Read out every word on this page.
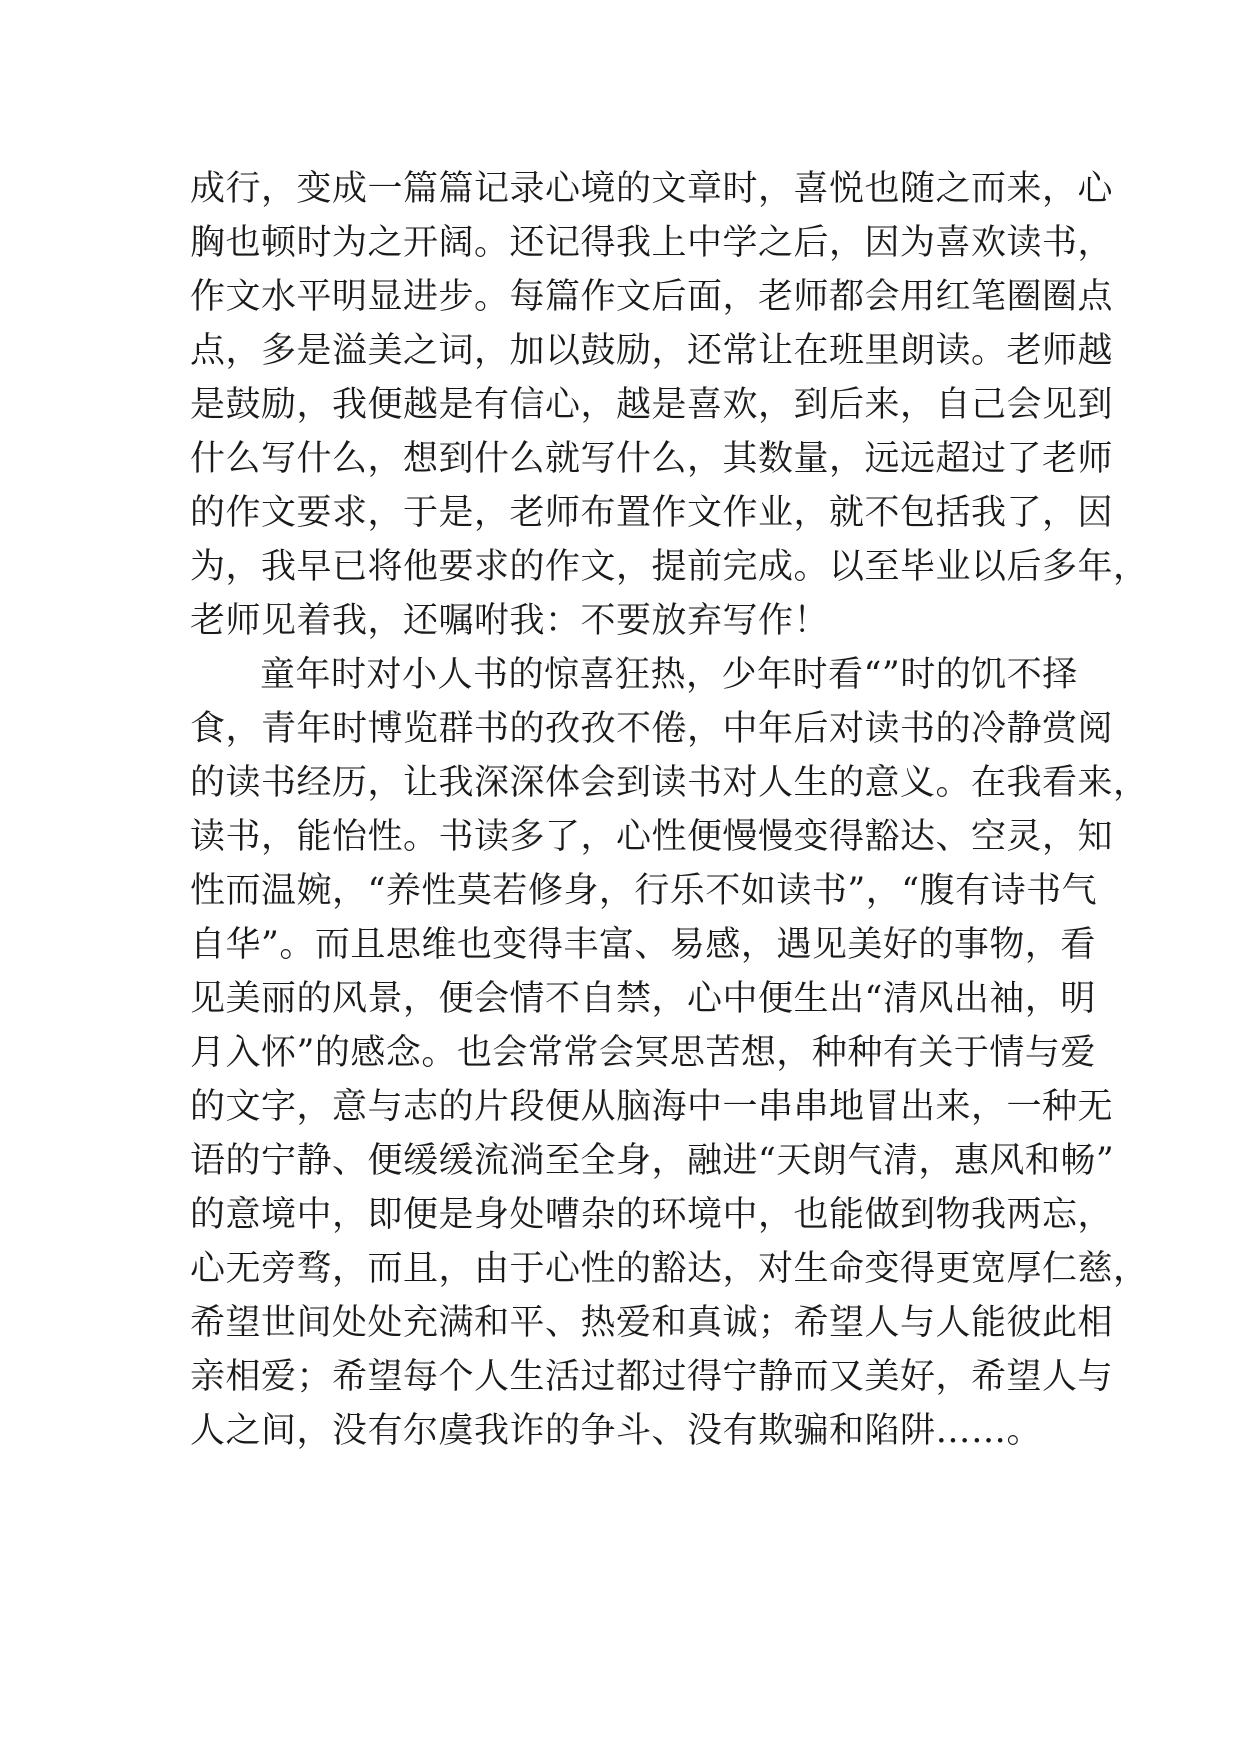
成行，变成一篇篇记录心境的文章时，喜悦也随之而来，心
胸也顿时为之开阔。还记得我上中学之后，因为喜欢读书，
作文水平明显进步。每篇作文后面，老师都会用红笔圈圈点
点，多是溢美之词，加以鼓励，还常让在班里朗读。老师越
是鼓励，我便越是有信心，越是喜欢，到后来，自己会见到
什么写什么，想到什么就写什么，其数量，远远超过了老师
的作文要求，于是，老师布置作文作业，就不包括我了，因
为，我早已将他要求的作文，提前完成。以至毕业以后多年，
老师见着我，还嘱咐我：不要放弃写作！
童年时对小人书的惊喜狂热，少年时看“”时的饥不择
食，青年时博览群书的孜孜不倦，中年后对读书的冷静赏阅
的读书经历，让我深深体会到读书对人生的意义。在我看来，
读书，能怡性。书读多了，心性便慢慢变得豁达、空灵，知
性而温婉，“养性莫若修身，行乐不如读书”，“腹有诗书气
自华”。而且思维也变得丰富、易感，遇见美好的事物，看
见美丽的风景，便会情不自禁，心中便生出“清风出袖，明
月入怀”的感念。也会常常会冥思苦想，种种有关于情与爱
的文字，意与志的片段便从脑海中一串串地冒出来，一种无
语的宁静、便缓缓流淌至全身，融进“天朗气清，惠风和畅”
的意境中，即便是身处嘈杂的环境中，也能做到物我两忘，
心无旁骛，而且，由于心性的豁达，对生命变得更宽厚仁慈，
希望世间处处充满和平、热爱和真诚；希望人与人能彼此相
亲相爱；希望每个人生活过都过得宁静而又美好，希望人与
人之间，没有尔虞我诈的争斗、没有欺骗和陷阱……。
